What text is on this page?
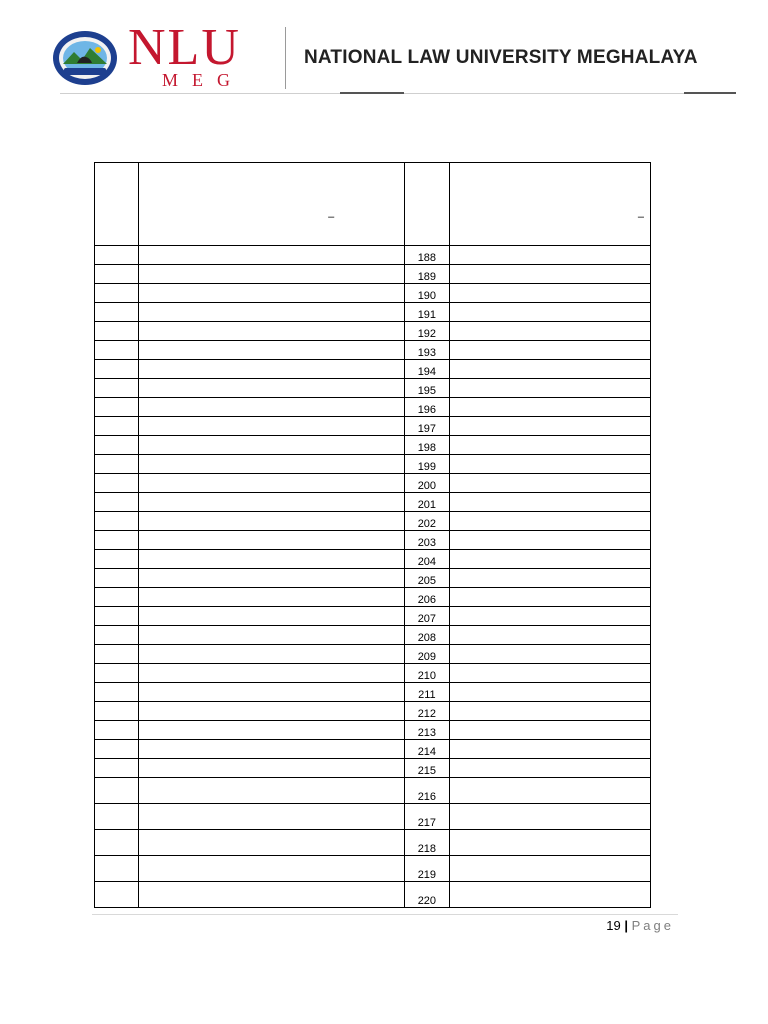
NLU
MEG
NATIONAL LAW UNIVERSITY MEGHALAYA

	–		–

		188	
		189	
		190	
		191	
		192	
		193	
		194	
		195	
		196	
		197	
		198	
		199	
		200	
		201	
		202	
		203	
		204	
		205	
		206	
		207	
		208	
		209	
		210	
		211	
		212	
		213	
		214	
		215	
		216	
		217	
		218	
		219	
		220	
19 | Page
